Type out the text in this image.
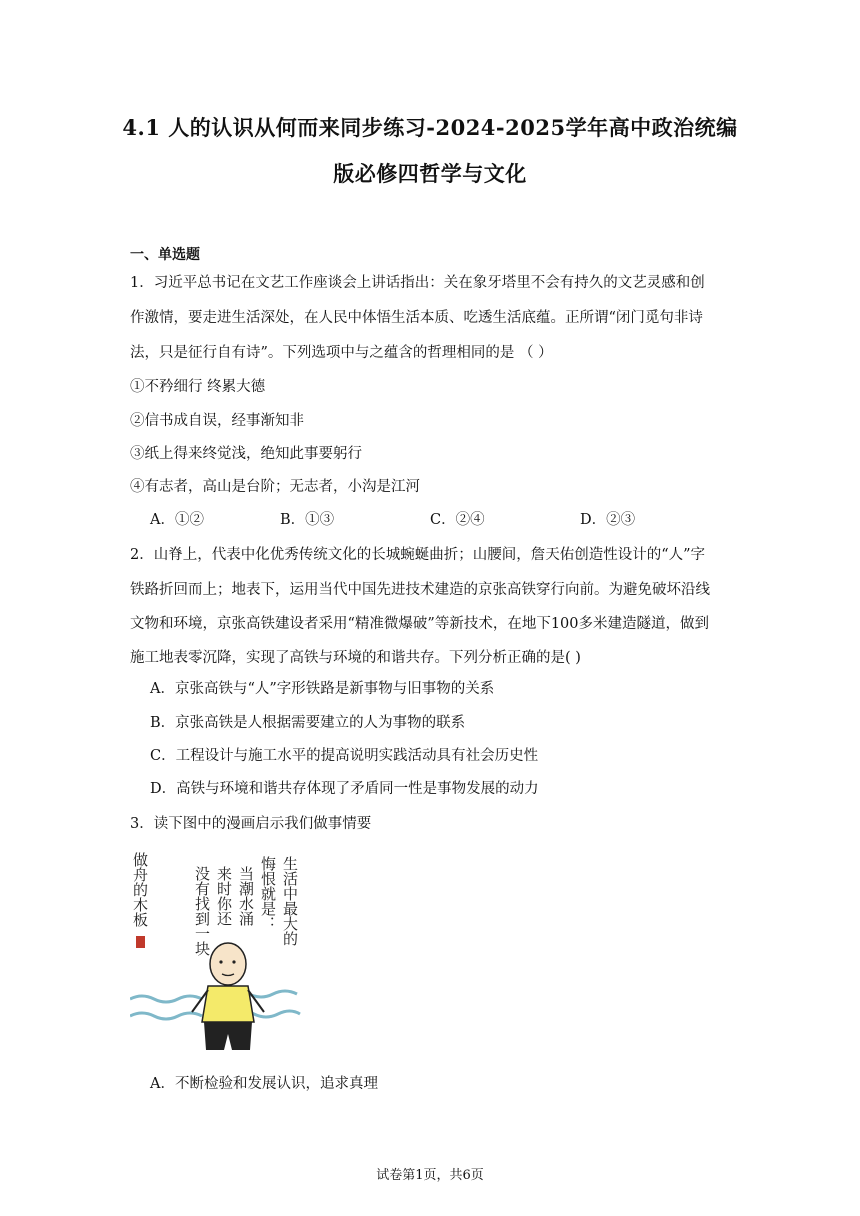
4.1 人的认识从何而来同步练习-2024-2025学年高中政治统编
版必修四哲学与文化
一、单选题
1．习近平总书记在文艺工作座谈会上讲话指出：关在象牙塔里不会有持久的文艺灵感和创
作激情，要走进生活深处，在人民中体悟生活本质、吃透生活底蕴。正所谓“闭门觅句非诗
法，只是征行自有诗”。下列选项中与之蕴含的哲理相同的是 （ ）
①不矜细行 终累大德
②信书成自误，经事渐知非
③纸上得来终觉浅，绝知此事要躬行
④有志者，高山是台阶；无志者，小沟是江河
A．①②	B．①③	C．②④	D．②③
2．山脊上，代表中化优秀传统文化的长城蜿蜒曲折；山腰间，詹天佑创造性设计的“人”字
铁路折回而上；地表下，运用当代中国先进技术建造的京张高铁穿行向前。为避免破坏沿线
文物和环境，京张高铁建设者采用“精准微爆破”等新技术，在地下100多米建造隧道，做到
施工地表零沉降，实现了高铁与环境的和谐共存。下列分析正确的是( )
A．京张高铁与“人”字形铁路是新事物与旧事物的关系
B．京张高铁是人根据需要建立的人为事物的联系
C．工程设计与施工水平的提高说明实践活动具有社会历史性
D．高铁与环境和谐共存体现了矛盾同一性是事物发展的动力
3．读下图中的漫画启示我们做事情要
生活中最大的
悔恨就是：
当潮水涌
来时你还
没有找到一块
做舟的木板
A．不断检验和发展认识，追求真理
试卷第1页，共6页
